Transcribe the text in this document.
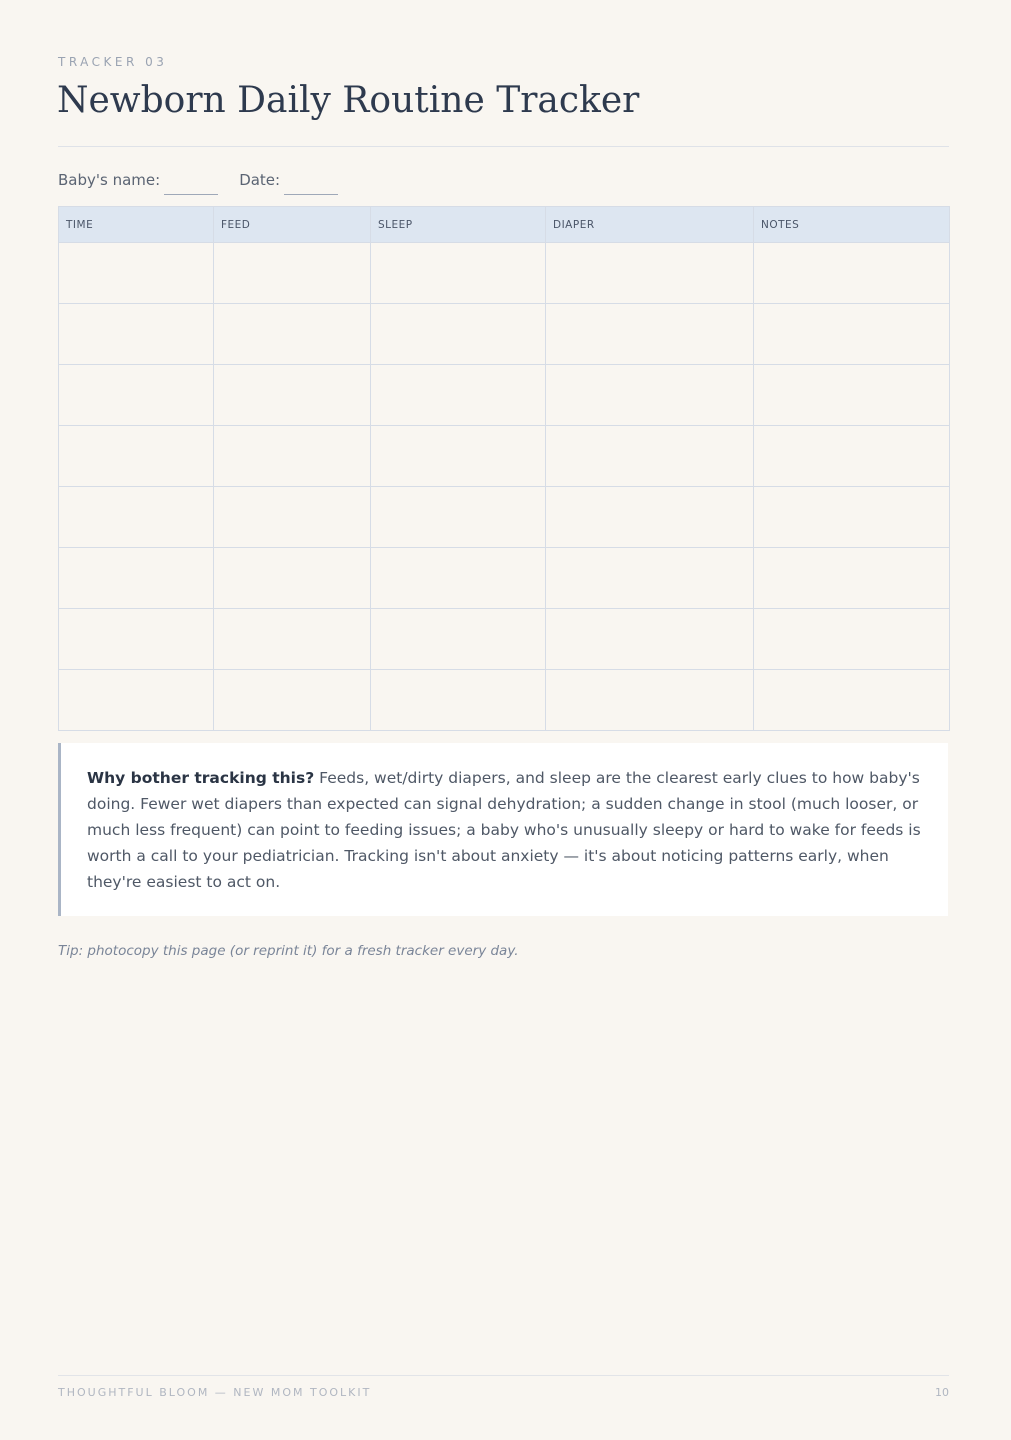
TRACKER 03
Newborn Daily Routine Tracker
Baby's name:	Date:
TIME	FEED	SLEEP	DIAPER	NOTES

Why bother tracking this? Feeds, wet/dirty diapers, and sleep are the clearest early clues to how baby's doing. Fewer wet diapers than expected can signal dehydration; a sudden change in stool (much looser, or much less frequent) can point to feeding issues; a baby who's unusually sleepy or hard to wake for feeds is worth a call to your pediatrician. Tracking isn't about anxiety — it's about noticing patterns early, when they're easiest to act on.
Tip: photocopy this page (or reprint it) for a fresh tracker every day.
THOUGHTFUL BLOOM — NEW MOM TOOLKIT	10
